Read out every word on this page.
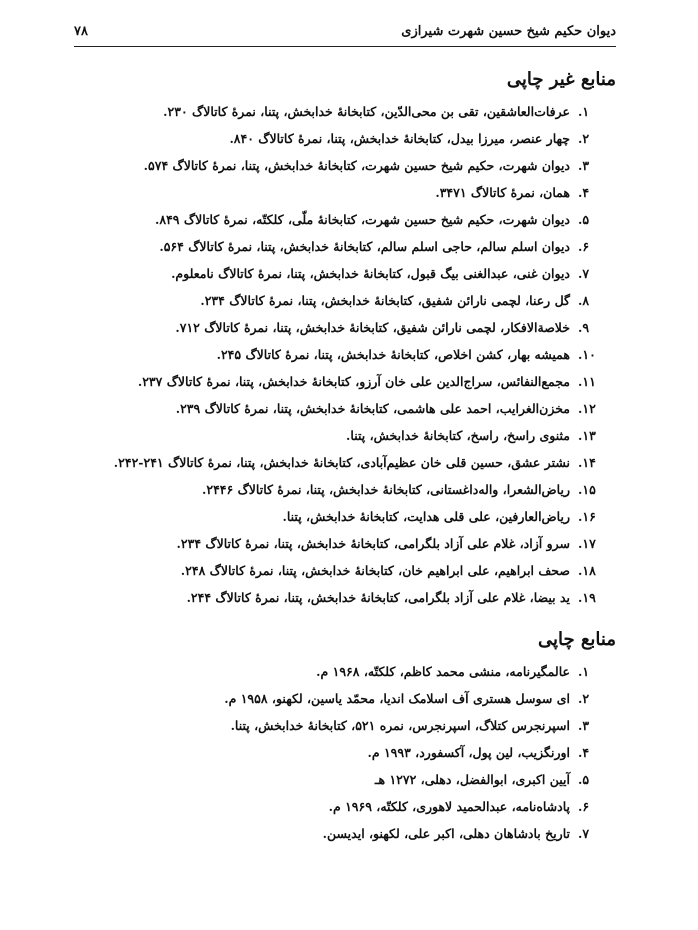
دیوان حکیم شیخ حسین شهرت شیرازی
۷۸
منابع غیر چاپی
۱.
عرفات‌العاشقین، تقی بن محی‌الدّین، کتابخانهٔ خدابخش، پتنا، نمرهٔ کاتالاگ ۲۳۰.
۲.
چهار عنصر، میرزا بیدل، کتابخانهٔ خدابخش، پتنا، نمرهٔ کاتالاگ ۸۴۰.
۳.
دیوان شهرت، حکیم شیخ حسین شهرت، کتابخانهٔ خدابخش، پتنا، نمرهٔ کاتالاگ ۵۷۴.
۴.
همان، نمرهٔ کاتالاگ ۳۴۷۱.
۵.
دیوان شهرت، حکیم شیخ حسین شهرت، کتابخانهٔ ملّی، کلکتّه، نمرهٔ کاتالاگ ۸۴۹.
۶.
دیوان اسلم سالم، حاجی اسلم سالم، کتابخانهٔ خدابخش، پتنا، نمرهٔ کاتالاگ ۵۶۴.
۷.
دیوان غنی، عبدالغنی بیگ قبول، کتابخانهٔ خدابخش، پتنا، نمرهٔ کاتالاگ نامعلوم.
۸.
گل رعنا، لچمی نارائن شفیق، کتابخانهٔ خدابخش، پتنا، نمرهٔ کاتالاگ ۲۳۴.
۹.
خلاصة‌الافکار، لچمی نارائن شفیق، کتابخانهٔ خدابخش، پتنا، نمرهٔ کاتالاگ ۷۱۲.
۱۰.
همیشه بهار، کشن اخلاص، کتابخانهٔ خدابخش، پتنا، نمرهٔ کاتالاگ ۲۴۵.
۱۱.
مجمع‌النفائس، سراج‌الدین علی خان آرزو، کتابخانهٔ خدابخش، پتنا، نمرهٔ کاتالاگ ۲۳۷.
۱۲.
مخزن‌الغرایب، احمد علی هاشمی، کتابخانهٔ خدابخش، پتنا، نمرهٔ کاتالاگ ۲۳۹.
۱۳.
مثنوی راسخ، راسخ، کتابخانهٔ خدابخش، پتنا.
۱۴.
نشتر عشق، حسین قلی خان عظیم‌آبادی، کتابخانهٔ خدابخش، پتنا، نمرهٔ کاتالاگ ۲۴۱-۲۴۲.
۱۵.
ریاض‌الشعرا، واله‌داغستانی، کتابخانهٔ خدابخش، پتنا، نمرهٔ کاتالاگ ۲۴۴۶.
۱۶.
ریاض‌العارفین، علی قلی هدایت، کتابخانهٔ خدابخش، پتنا.
۱۷.
سرو آزاد، غلام علی آزاد بلگرامی، کتابخانهٔ خدابخش، پتنا، نمرهٔ کاتالاگ ۲۳۴.
۱۸.
صحف ابراهیم، علی ابراهیم خان، کتابخانهٔ خدابخش، پتنا، نمرهٔ کاتالاگ ۲۴۸.
۱۹.
ید بیضا، غلام علی آزاد بلگرامی، کتابخانهٔ خدابخش، پتنا، نمرهٔ کاتالاگ ۲۴۴.
منابع چاپی
۱.
عالمگیرنامه، منشی محمد کاظم، کلکتّه، ۱۹۶۸ م.
۲.
ای سوسل هستری آف اسلامک اندیا، محمّد یاسین، لکهنو، ۱۹۵۸ م.
۳.
اسپرنجرس کتلاگ، اسپرنجرس، نمره ۵۲۱، کتابخانهٔ خدابخش، پتنا.
۴.
اورنگزیب، لین پول، آکسفورد، ۱۹۹۳ م.
۵.
آیین اکبری، ابوالفضل، دهلی، ۱۲۷۲ هـ
۶.
پادشاه‌نامه، عبدالحمید لاهوری، کلکتّه، ۱۹۶۹ م.
۷.
تاریخ بادشاهان دهلی، اکبر علی، لکهنو، ایدیسن.
